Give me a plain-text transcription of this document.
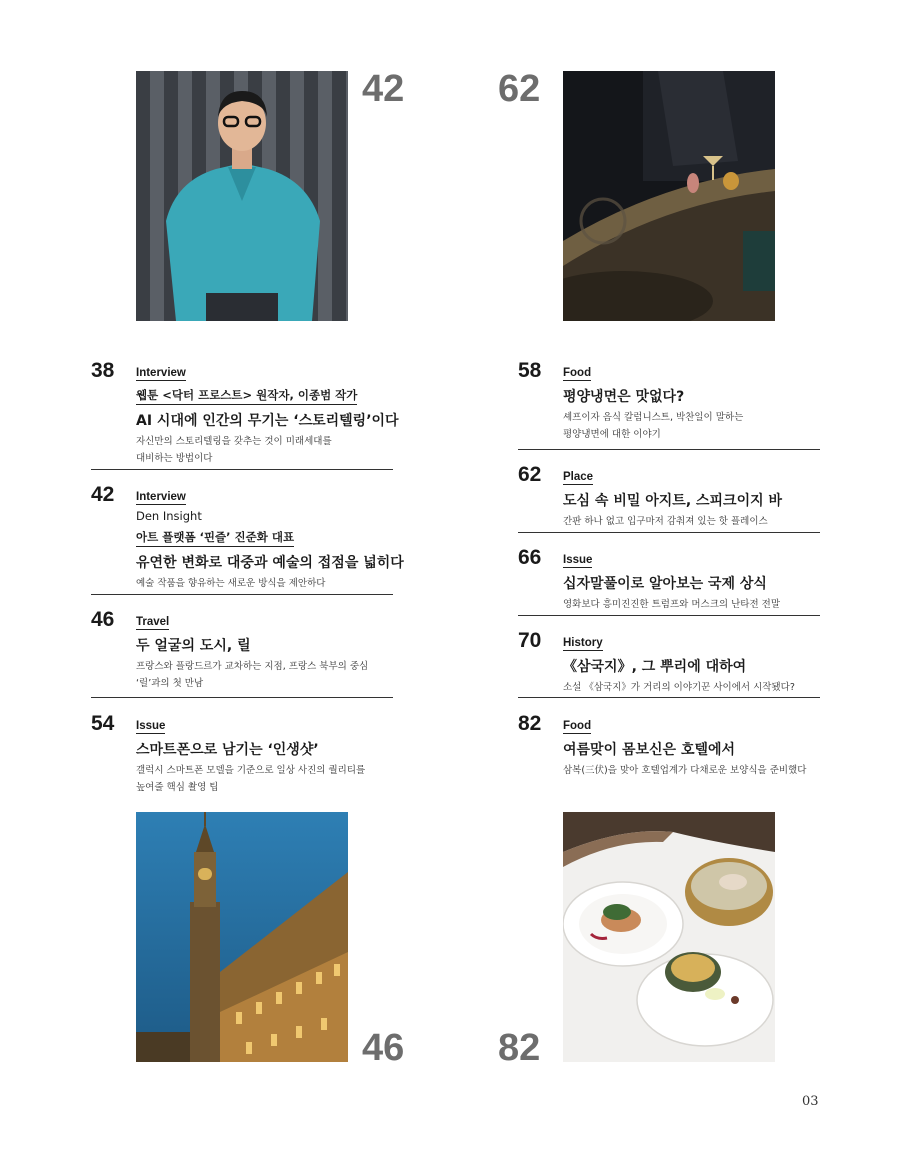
42 62
38 Interview
웹툰 <닥터 프로스트> 원작자, 이종범 작가
AI 시대에 인간의 무기는 ‘스토리텔링’이다
자신만의 스토리텔링을 갖추는 것이 미래세대를
대비하는 방법이다
42 Interview
Den Insight
아트 플랫폼 ‘핀즐’ 진준화 대표
유연한 변화로 대중과 예술의 접점을 넓히다
예술 작품을 향유하는 새로운 방식을 제안하다
46 Travel
두 얼굴의 도시, 릴
프랑스와 플랑드르가 교차하는 지점, 프랑스 북부의 중심
‘릴’과의 첫 만남
54 Issue
스마트폰으로 남기는 ‘인생샷’
갤럭시 스마트폰 모델을 기준으로 일상 사진의 퀄리티를
높여줄 핵심 촬영 팁
58 Food
평양냉면은 맛없다?
셰프이자 음식 칼럼니스트, 박찬일이 말하는
평양냉면에 대한 이야기
62 Place
도심 속 비밀 아지트, 스피크이지 바
간판 하나 없고 입구마저 감춰져 있는 핫 플레이스
66 Issue
십자말풀이로 알아보는 국제 상식
영화보다 흥미진진한 트럼프와 머스크의 난타전 전말
70 History
《삼국지》, 그 뿌리에 대하여
소설 《삼국지》가 거리의 이야기꾼 사이에서 시작됐다?
82 Food
여름맞이 몸보신은 호텔에서
삼복(三伏)을 맞아 호텔업계가 다채로운 보양식을 준비했다
46 82
03
